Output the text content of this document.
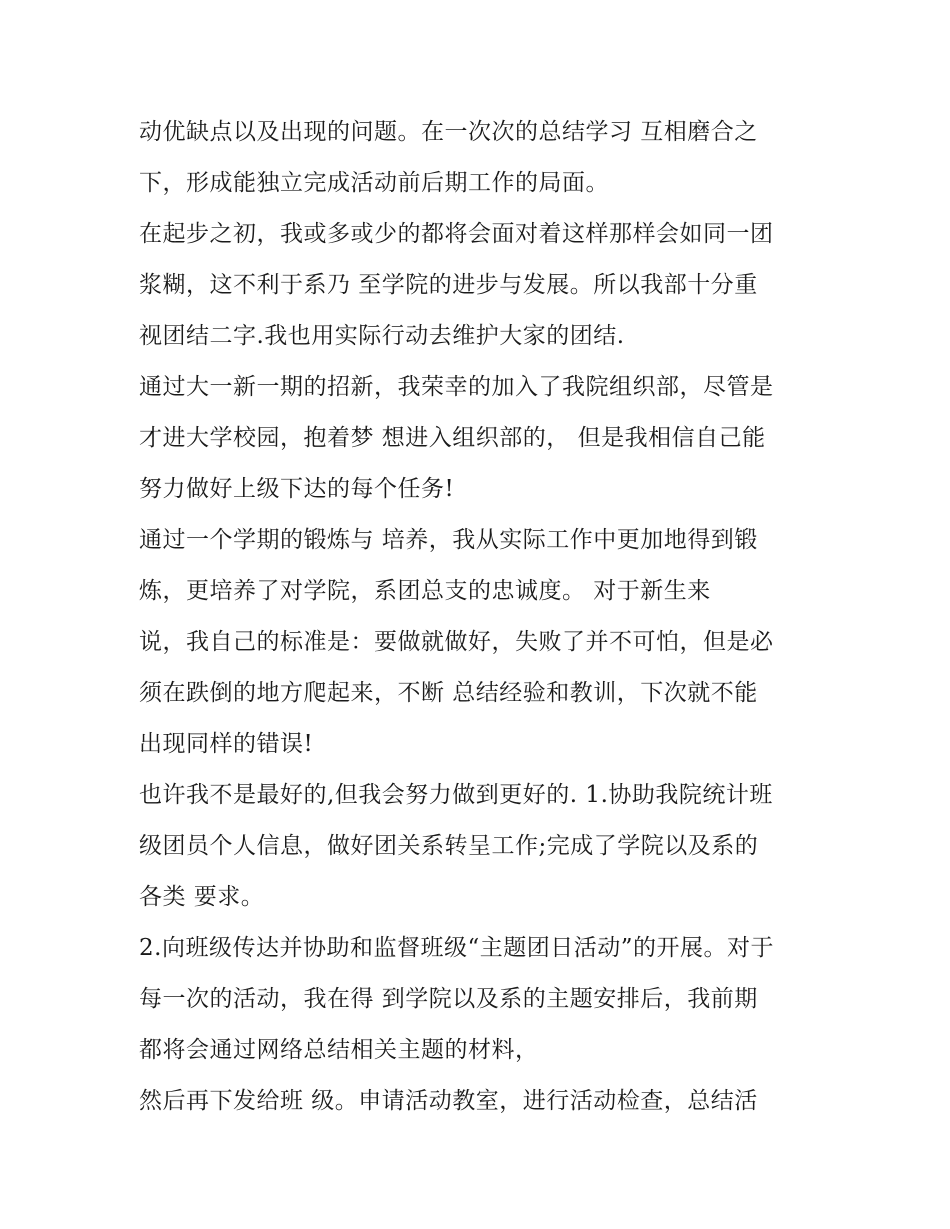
动优缺点以及出现的问题。在一次次的总结学习 互相磨合之
下，形成能独立完成活动前后期工作的局面。
在起步之初，我或多或少的都将会面对着这样那样会如同一团
浆糊，这不利于系乃 至学院的进步与发展。所以我部十分重
视团结二字.我也用实际行动去维护大家的团结.
通过大一新一期的招新，我荣幸的加入了我院组织部，尽管是
才进大学校园，抱着梦 想进入组织部的， 但是我相信自己能
努力做好上级下达的每个任务!
通过一个学期的锻炼与 培养，我从实际工作中更加地得到锻
炼，更培养了对学院，系团总支的忠诚度。 对于新生来
说，我自己的标准是：要做就做好，失败了并不可怕，但是必
须在跌倒的地方爬起来，不断 总结经验和教训，下次就不能
出现同样的错误!
也许我不是最好的,但我会努力做到更好的. 1.协助我院统计班
级团员个人信息，做好团关系转呈工作;完成了学院以及系的
各类 要求。
2.向班级传达并协助和监督班级“主题团日活动”的开展。对于
每一次的活动，我在得 到学院以及系的主题安排后，我前期
都将会通过网络总结相关主题的材料，
然后再下发给班 级。申请活动教室，进行活动检查，总结活
